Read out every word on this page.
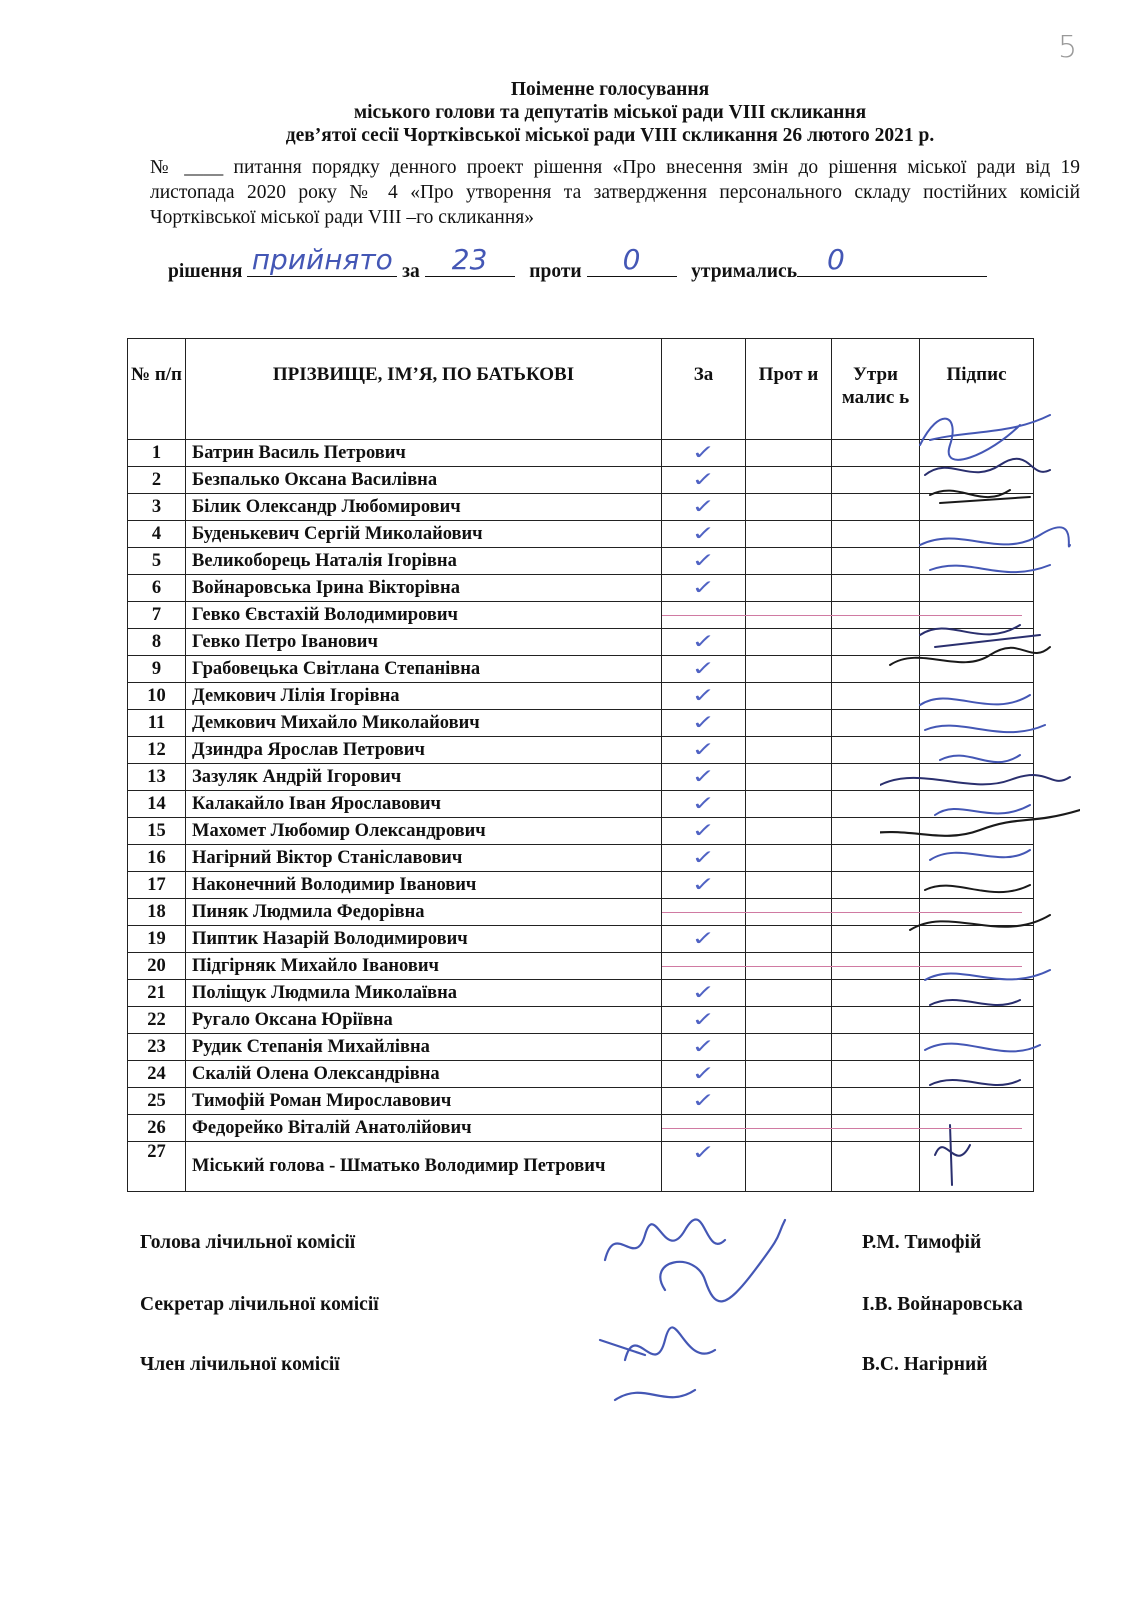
5
Поіменне голосування
міського голови та депутатів міської ради VIII скликання
дев’ятої сесії Чортківської міської ради VIII скликання 26 лютого 2021 р.
№ ____ питання порядку денного проект рішення «Про внесення змін до рішення міської ради від 19 листопада 2020 року № 4 «Про утворення та затвердження персонального складу постійних комісій Чортківської міської ради VIII –го скликання»
рішення прийнято за	23	проти	0	утримались	0
№ п/п	ПРІЗВИЩЕ, ІМ’Я, ПО БАТЬКОВІ	За	Прот и	Утри малис ь	Підпис
1	Батрин Василь Петрович	✓			
2	Безпалько Оксана Василівна	✓			
3	Білик Олександр Любомирович	✓			
4	Буденькевич Сергій Миколайович	✓			
5	Великоборець Наталія Ігорівна	✓			
6	Войнаровська Ірина Вікторівна	✓			
7	Гевко Євстахій Володимирович				
8	Гевко Петро Іванович	✓			
9	Грабовецька Світлана Степанівна	✓			
10	Демкович Лілія Ігорівна	✓			
11	Демкович Михайло Миколайович	✓			
12	Дзиндра Ярослав Петрович	✓			
13	Зазуляк Андрій Ігорович	✓			
14	Калакайло Іван Ярославович	✓			
15	Махомет Любомир Олександрович	✓			
16	Нагірний Віктор Станіславович	✓			
17	Наконечний Володимир Іванович	✓			
18	Пиняк Людмила Федорівна				
19	Пиптик Назарій Володимирович	✓			
20	Підгірняк Михайло Іванович				
21	Поліщук Людмила Миколаївна	✓			
22	Ругало Оксана Юріївна	✓			
23	Рудик Степанія Михайлівна	✓			
24	Скалій Олена Олександрівна	✓			
25	Тимофій Роман Мирославович	✓			
26	Федорейко Віталій Анатолійович				
27	Міський голова - Шматько Володимир Петрович	✓			
Голова лічильної комісії	Р.М. Тимофій
Секретар лічильної комісії	І.В. Войнаровська
Член лічильної комісії	В.С. Нагірний
